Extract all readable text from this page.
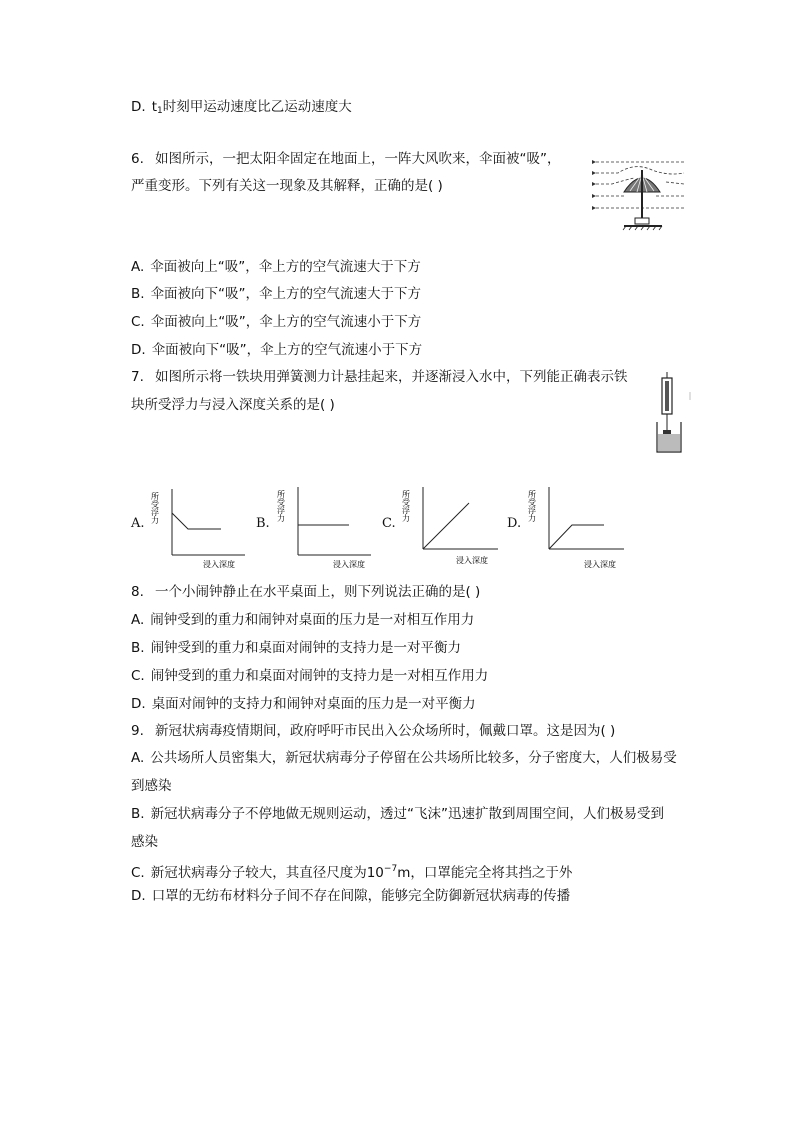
D. $t_1$时刻甲运动速度比乙运动速度大
6. 如图所示，一把太阳伞固定在地面上，一阵大风吹来，伞面被“吸”，
严重变形。下列有关这一现象及其解释，正确的是( )
A. 伞面被向上“吸”，伞上方的空气流速大于下方
B. 伞面被向下“吸”，伞上方的空气流速大于下方
C. 伞面被向上“吸”，伞上方的空气流速小于下方
D. 伞面被向下“吸”，伞上方的空气流速小于下方
7. 如图所示将一铁块用弹簧测力计悬挂起来，并逐渐浸入水中，下列能正确表示铁
块所受浮力与浸入深度关系的是( )
A. 所受浮力
浸入深度
B.
所受浮力
浸入深度
C.
所受浮力
浸入深度
D.
所受浮力
浸入深度
8. 一个小闹钟静止在水平桌面上，则下列说法正确的是( )
A. 闹钟受到的重力和闹钟对桌面的压力是一对相互作用力
B. 闹钟受到的重力和桌面对闹钟的支持力是一对平衡力
C. 闹钟受到的重力和桌面对闹钟的支持力是一对相互作用力
D. 桌面对闹钟的支持力和闹钟对桌面的压力是一对平衡力
9. 新冠状病毒疫情期间，政府呼吁市民出入公众场所时，佩戴口罩。这是因为( )
A. 公共场所人员密集大，新冠状病毒分子停留在公共场所比较多，分子密度大，人们极易受
到感染
B. 新冠状病毒分子不停地做无规则运动，透过“飞沫”迅速扩散到周围空间，人们极易受到
感染
C. 新冠状病毒分子较大，其直径尺度为$10^{-7}m$，口罩能完全将其挡之于外
D. 口罩的无纺布材料分子间不存在间隙，能够完全防御新冠状病毒的传播
